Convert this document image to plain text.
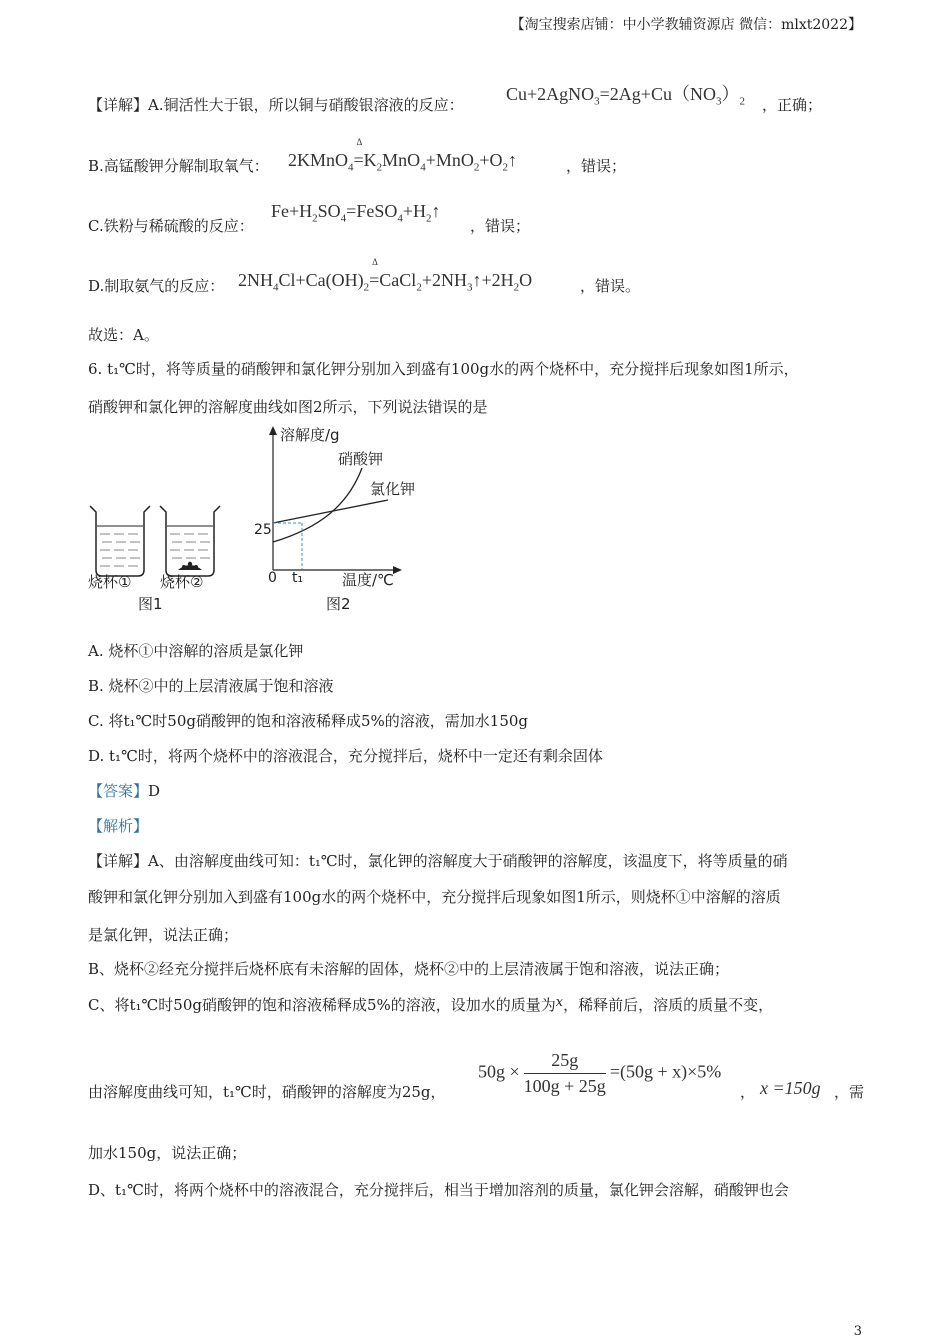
【淘宝搜索店铺：中小学教辅资源店 微信：mlxt2022】
【详解】A.铜活性大于银，所以铜与硝酸银溶液的反应：
$Cu+2AgNO_3=2Ag+Cu(NO_3)_2$ ，正确；
B.高锰酸钾分解制取氧气： 2KMnO$_4$
Δ
$=K_2MnO_4+MnO_2+O_2↑$	，错误；
C.铁粉与稀硫酸的反应：
$Fe+H_2SO_4=FeSO_4+H_2↑$
，错误；
D.制取氨气的反应： $2NH_4Cl+Ca(OH)_2$
Δ
$=CaCl_2+2NH_3↑+2H_2O$	，错误。
故选：A。
6. t₁℃时，将等质量的硝酸钾和氯化钾分别加入到盛有100g水的两个烧杯中，充分搅拌后现象如图1所示，
硝酸钾和氯化钾的溶解度曲线如图2所示，下列说法错误的是
烧杯① 烧杯②
图1
溶解度/g
温度/℃
0 t₁
25
硝酸钾
氯化钾
图2
A. 烧杯①中溶解的溶质是氯化钾
B. 烧杯②中的上层清液属于饱和溶液
C. 将t₁℃时50g硝酸钾的饱和溶液稀释成5%的溶液，需加水150g
D. t₁℃时，将两个烧杯中的溶液混合，充分搅拌后，烧杯中一定还有剩余固体
【答案】D
【解析】
【详解】A、由溶解度曲线可知：t₁℃时，氯化钾的溶解度大于硝酸钾的溶解度，该温度下，将等质量的硝
酸钾和氯化钾分别加入到盛有100g水的两个烧杯中，充分搅拌后现象如图1所示，则烧杯①中溶解的溶质
是氯化钾，说法正确；
B、烧杯②经充分搅拌后烧杯底有未溶解的固体，烧杯②中的上层清液属于饱和溶液，说法正确；
C、将t₁℃时50g硝酸钾的饱和溶液稀释成5%的溶液，设加水的质量为x，稀释前后，溶质的质量不变，
由溶解度曲线可知，t₁℃时，硝酸钾的溶解度为25g，
$50g \times \frac{25g}{100g + 25g} =(50g + x)\times 5\%$
， x =150g ，需
加水150g，说法正确；
D、t₁℃时，将两个烧杯中的溶液混合，充分搅拌后，相当于增加溶剂的质量，氯化钾会溶解，硝酸钾也会
3
